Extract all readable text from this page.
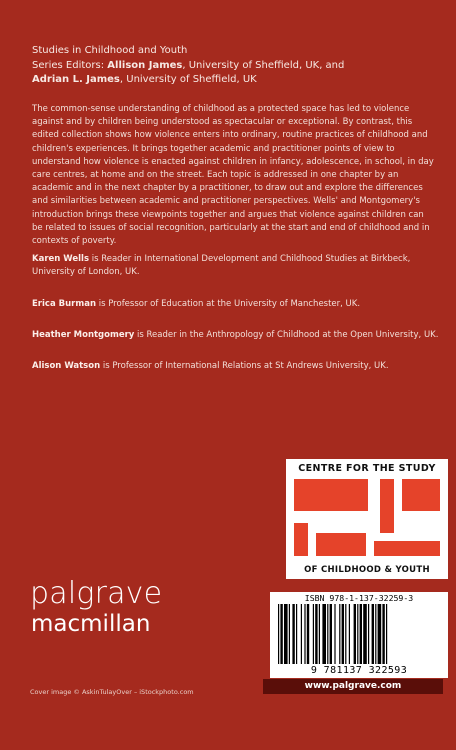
Studies in Childhood and Youth
Series Editors: Allison James, University of Sheffield, UK, and
Adrian L. James, University of Sheffield, UK

The common-sense understanding of childhood as a protected space has led to violence against and by children being understood as spectacular or exceptional. By contrast, this edited collection shows how violence enters into ordinary, routine practices of childhood and children's experiences. It brings together academic and practitioner points of view to understand how violence is enacted against children in infancy, adolescence, in school, in day care centres, at home and on the street. Each topic is addressed in one chapter by an academic and in the next chapter by a practitioner, to draw out and explore the differences and similarities between academic and practitioner perspectives. Wells' and Montgomery's introduction brings these viewpoints together and argues that violence against children can be related to issues of social recognition, particularly at the start and end of childhood and in contexts of poverty.

Karen Wells is Reader in International Development and Childhood Studies at Birkbeck, University of London, UK.

Erica Burman is Professor of Education at the University of Manchester, UK.

Heather Montgomery is Reader in the Anthropology of Childhood at the Open University, UK.

Alison Watson is Professor of International Relations at St Andrews University, UK.

CENTRE FOR THE STUDY
OF CHILDHOOD & YOUTH
palgrave
macmillan
Cover image © AskinTulayOver – iStockphoto.com
ISBN 978-1-137-32259-3
9 781137 322593
www.palgrave.com
